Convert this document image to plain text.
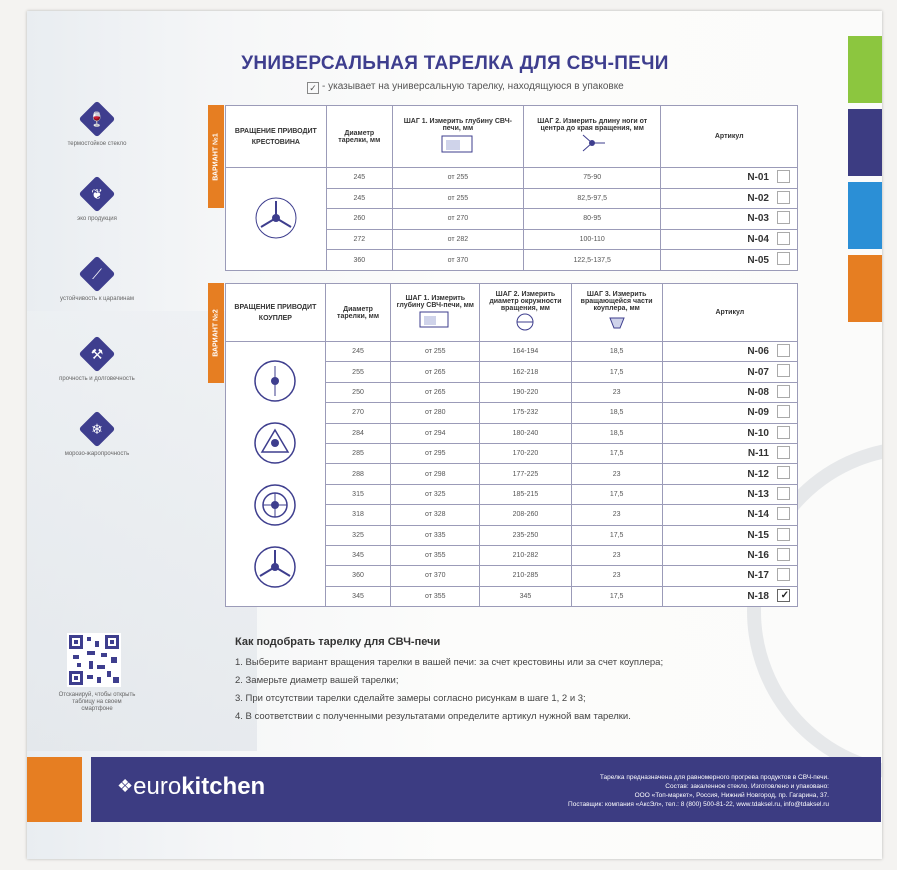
УНИВЕРСАЛЬНАЯ ТАРЕЛКА ДЛЯ СВЧ-ПЕЧИ
✓ - указывает на универсальную тарелку, находящуюся в упаковке
🍷
термостойкое стекло
❦
эко продукция
⟋
устойчивость к царапинам
⚒
прочность и долговечность
❄
морозо-жаропрочность
ВАРИАНТ №1
ВРАЩЕНИЕ ПРИВОДИТ КРЕСТОВИНА	Диаметр тарелки, мм	ШАГ 1. Измерить глубину СВЧ-печи, мм	ШАГ 2. Измерить длину ноги от центра до края вращения, мм	Артикул
	245	от 255	75-90	N-01

	245	от 255	82,5-97,5	N-02

	260	от 270	80-95	N-03

	272	от 282	100-110	N-04

	360	от 370	122,5-137,5	N-05
ВАРИАНТ №2
ВРАЩЕНИЕ ПРИВОДИТ КОУПЛЕР	Диаметр тарелки, мм	ШАГ 1. Измерить глубину СВЧ-печи, мм	ШАГ 2. Измерить диаметр окружности вращения, мм	ШАГ 3. Измерить вращающейся части коуплера, мм	Артикул

	245	от 255	164-194	18,5	N-06

	255	от 265	162-218	17,5	N-07

	250	от 265	190-220	23	N-08

	270	от 280	175-232	18,5	N-09

	284	от 294	180-240	18,5	N-10

	285	от 295	170-220	17,5	N-11

	288	от 298	177-225	23	N-12

	315	от 325	185-215	17,5	N-13

	318	от 328	208-260	23	N-14

	325	от 335	235-250	17,5	N-15

	345	от 355	210-282	23	N-16

	360	от 370	210-285	23	N-17

	345	от 355	345	17,5	N-18 ✓
Отсканируй, чтобы открыть таблицу на своем смартфоне
Как подобрать тарелку для СВЧ-печи
1. Выберите вариант вращения тарелки в вашей печи: за счет крестовины или за счет коуплера;
2. Замерьте диаметр вашей тарелки;
3. При отсутствии тарелки сделайте замеры согласно рисункам в шаге 1, 2 и 3;
4. В соответствии с полученными результатами определите артикул нужной вам тарелки.
❖eurokitchen	Тарелка предназначена для равномерного прогрева продуктов в СВЧ-печи.
Состав: закаленное стекло. Изготовлено и упаковано:
ООО «Топ-маркет», Россия, Нижний Новгород, пр. Гагарина, 37.
Поставщик: компания «АксЭл», тел.: 8 (800) 500-81-22, www.tdaksel.ru, info@tdaksel.ru
